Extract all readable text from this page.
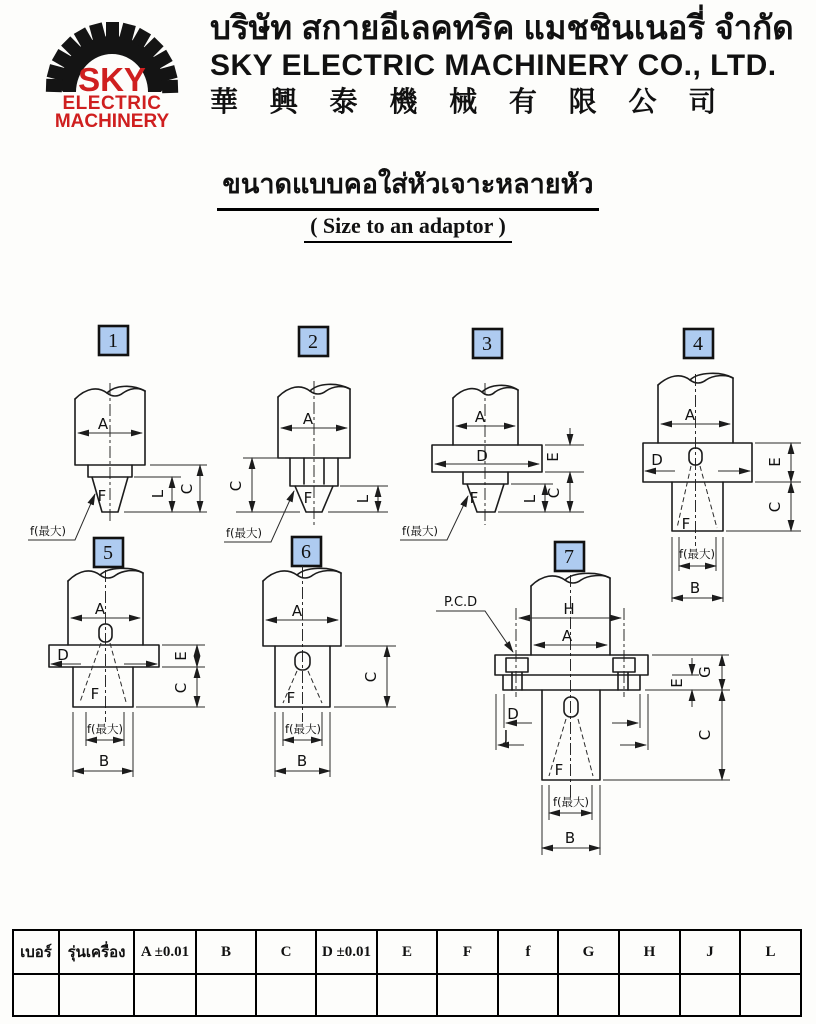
SKY
ELECTRIC
MACHINERY
บริษัท สกายอีเลคทริค แมชชินเนอรี่ จำกัด
SKY ELECTRIC MACHINERY CO., LTD.
華 興 泰 機 械 有 限 公 司
ขนาดแบบคอใส่หัวเจาะหลายหัว
( Size to an adaptor )
1
A
F	C
L
f(最大)
2
A
F
C
L
f(最大)
3
A
D
F
E
C
L
f(最大)
4
A
D
F
E
C
f(最大)
B
5
A
D
F
E
C
f(最大)
B
6
A
F
C
f(最大)
B
7
P.C.D	H
A
F
D
J
E
G
C
f(最大)
B
เบอร์	รุ่นเครื่อง	A ±0.01	B	C	D ±0.01	E	F	f	G	H	J	L
